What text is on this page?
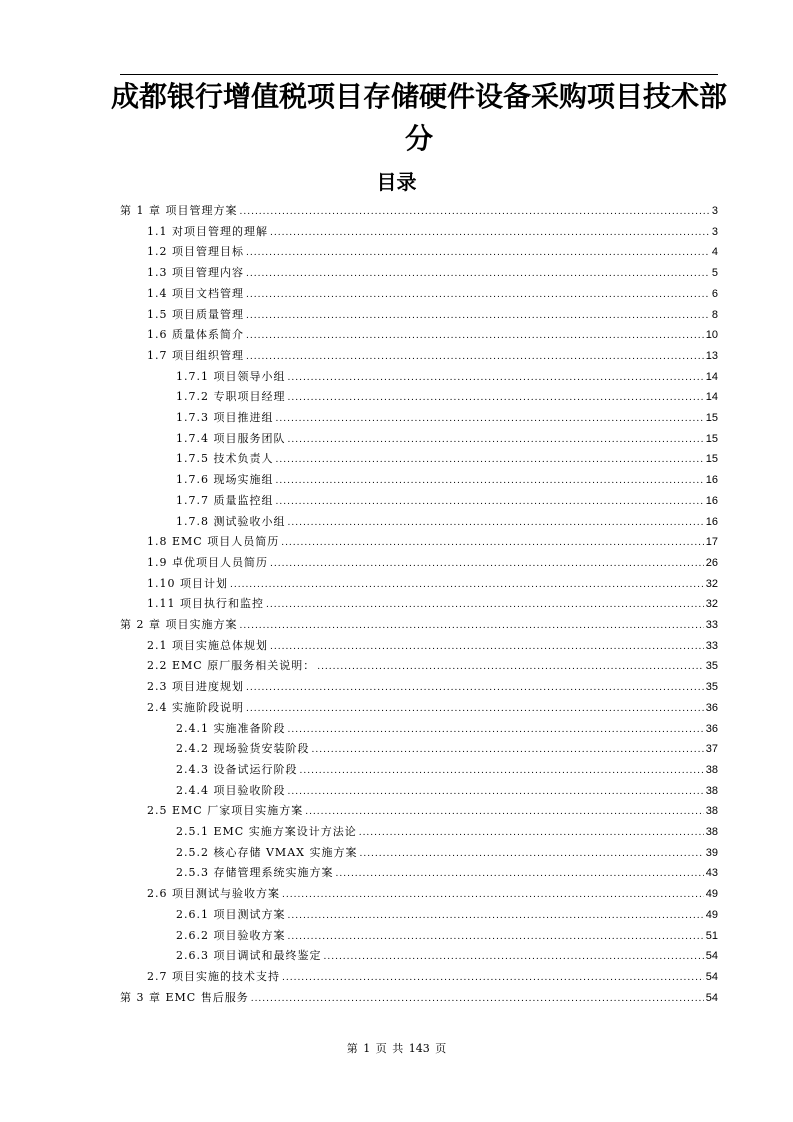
成都银行增值税项目存储硬件设备采购项目技术部分
目录
第 1 章 项目管理方案 .....	3
1.1 对项目管理的理解 .....	3
1.2 项目管理目标 .....	4
1.3 项目管理内容 .....	5
1.4 项目文档管理 .....	6
1.5 项目质量管理 .....	8
1.6 质量体系简介 .....	10
1.7 项目组织管理 .....	13
1.7.1 项目领导小组 .....	14
1.7.2 专职项目经理 .....	14
1.7.3 项目推进组 .....	15
1.7.4 项目服务团队 .....	15
1.7.5 技术负责人 .....	15
1.7.6 现场实施组 .....	16
1.7.7 质量监控组 .....	16
1.7.8 测试验收小组 .....	16
1.8 EMC 项目人员简历 .....	17
1.9 卓优项目人员简历 .....	26
1.10 项目计划 .....	32
1.11 项目执行和监控 .....	32
第 2 章 项目实施方案 .....	33
2.1 项目实施总体规划 .....	33
2.2 EMC 原厂服务相关说明： .....	35
2.3 项目进度规划 .....	35
2.4 实施阶段说明 .....	36
2.4.1 实施准备阶段 .....	36
2.4.2 现场验货安装阶段 .....	37
2.4.3 设备试运行阶段 .....	38
2.4.4 项目验收阶段 .....	38
2.5 EMC 厂家项目实施方案 .....	38
2.5.1 EMC 实施方案设计方法论 .....	38
2.5.2 核心存储 VMAX 实施方案 .....	39
2.5.3 存储管理系统实施方案 .....	43
2.6 项目测试与验收方案 .....	49
2.6.1 项目测试方案 .....	49
2.6.2 项目验收方案 .....	51
2.6.3 项目调试和最终鉴定 .....	54
2.7 项目实施的技术支持 .....	54
第 3 章 EMC 售后服务 .....	54
第 1 页 共 143 页
